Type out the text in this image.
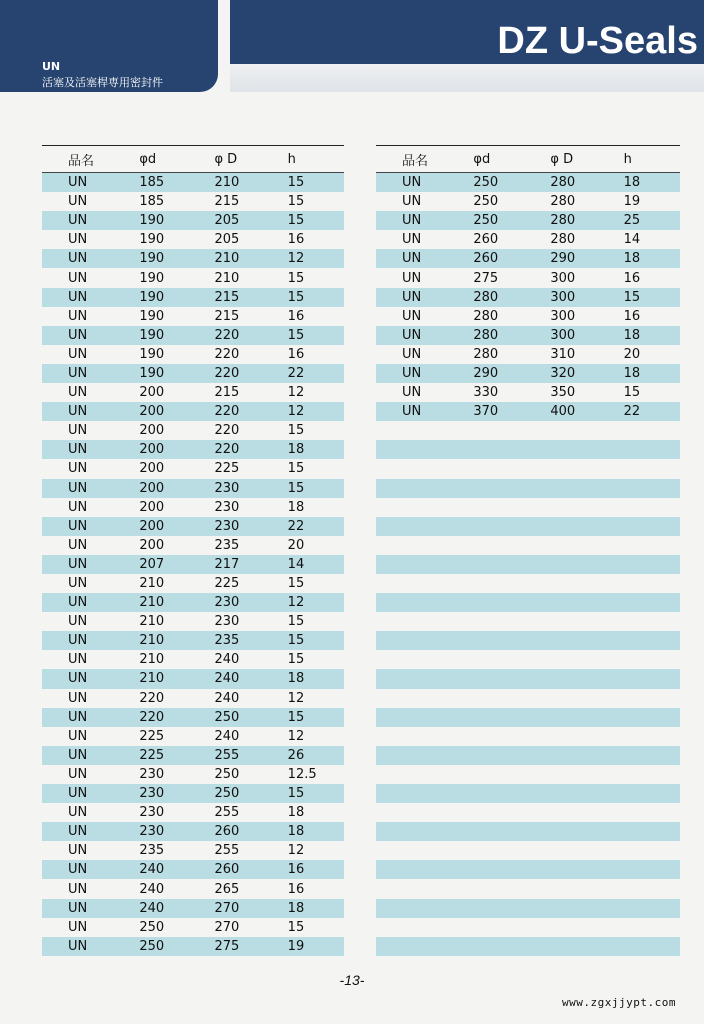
UN
活塞及活塞桿専用密封件
DZ U-Seals
品名	φd	φ D	h
UN	185	210	15
UN	185	215	15
UN	190	205	15
UN	190	205	16
UN	190	210	12
UN	190	210	15
UN	190	215	15
UN	190	215	16
UN	190	220	15
UN	190	220	16
UN	190	220	22
UN	200	215	12
UN	200	220	12
UN	200	220	15
UN	200	220	18
UN	200	225	15
UN	200	230	15
UN	200	230	18
UN	200	230	22
UN	200	235	20
UN	207	217	14
UN	210	225	15
UN	210	230	12
UN	210	230	15
UN	210	235	15
UN	210	240	15
UN	210	240	18
UN	220	240	12
UN	220	250	15
UN	225	240	12
UN	225	255	26
UN	230	250	12.5
UN	230	250	15
UN	230	255	18
UN	230	260	18
UN	235	255	12
UN	240	260	16
UN	240	265	16
UN	240	270	18
UN	250	270	15
UN	250	275	19
品名	φd	φ D	h
UN	250	280	18
UN	250	280	19
UN	250	280	25
UN	260	280	14
UN	260	290	18
UN	275	300	16
UN	280	300	15
UN	280	300	16
UN	280	300	18
UN	280	310	20
UN	290	320	18
UN	330	350	15
UN	370	400	22
-13-
www.zgxjjypt.com
